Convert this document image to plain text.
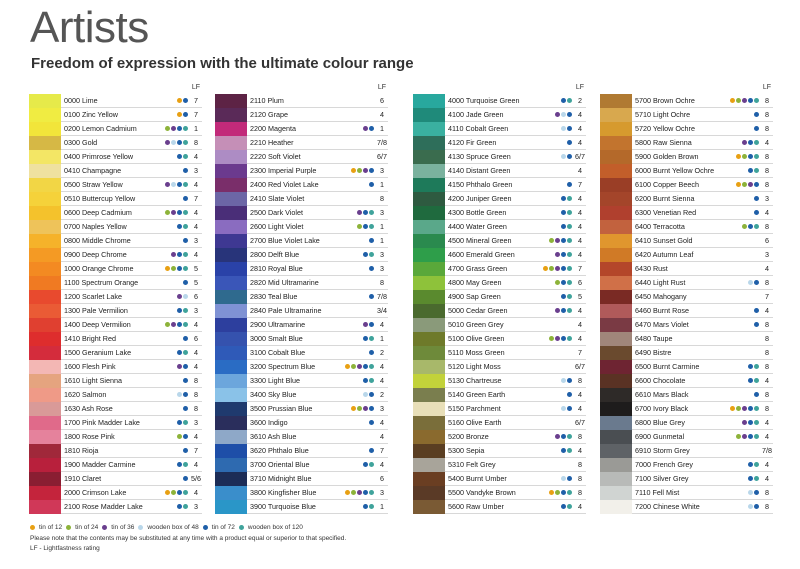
Artists
Freedom of expression with the ultimate colour range
LF
0000 Lime	7
0100 Zinc Yellow	7
0200 Lemon Cadmium	1
0300 Gold	8
0400 Primrose Yellow	4
0410 Champagne	3
0500 Straw Yellow	4
0510 Buttercup Yellow	7
0600 Deep Cadmium	4
0700 Naples Yellow	4
0800 Middle Chrome	3
0900 Deep Chrome	4
1000 Orange Chrome	5
1100 Spectrum Orange	5
1200 Scarlet Lake	6
1300 Pale Vermilion	3
1400 Deep Vermilion	4
1410 Bright Red	6
1500 Geranium Lake	4
1600 Flesh Pink	4
1610 Light Sienna	8
1620 Salmon	8
1630 Ash Rose	8
1700 Pink Madder Lake	3
1800 Rose Pink	4
1810 Rioja	7
1900 Madder Carmine	4
1910 Claret	5/6
2000 Crimson Lake	4
2100 Rose Madder Lake	3
LF
2110 Plum	6
2120 Grape	4
2200 Magenta	1
2210 Heather	7/8
2220 Soft Violet	6/7
2300 Imperial Purple	3
2400 Red Violet Lake	1
2410 Slate Violet	8
2500 Dark Violet	3
2600 Light Violet	1
2700 Blue Violet Lake	1
2800 Delft Blue	3
2810 Royal Blue	3
2820 Mid Ultramarine	8
2830 Teal Blue	7/8
2840 Pale Ultramarine	3/4
2900 Ultramarine	4
3000 Smalt Blue	1
3100 Cobalt Blue	2
3200 Spectrum Blue	4
3300 Light Blue	4
3400 Sky Blue	2
3500 Prussian Blue	3
3600 Indigo	4
3610 Ash Blue	4
3620 Phthalo Blue	7
3700 Oriental Blue	4
3710 Midnight Blue	6
3800 Kingfisher Blue	3
3900 Turquoise Blue	1
LF
4000 Turquoise Green	2
4100 Jade Green	4
4110 Cobalt Green	4
4120 Fir Green	4
4130 Spruce Green	6/7
4140 Distant Green	4
4150 Phthalo Green	7
4200 Juniper Green	4
4300 Bottle Green	4
4400 Water Green	4
4500 Mineral Green	4
4600 Emerald Green	4
4700 Grass Green	7
4800 May Green	6
4900 Sap Green	5
5000 Cedar Green	4
5010 Green Grey	4
5100 Olive Green	4
5110 Moss Green	7
5120 Light Moss	6/7
5130 Chartreuse	8
5140 Green Earth	4
5150 Parchment	4
5160 Olive Earth	6/7
5200 Bronze	8
5300 Sepia	4
5310 Felt Grey	8
5400 Burnt Umber	8
5500 Vandyke Brown	8
5600 Raw Umber	4
LF
5700 Brown Ochre	8
5710 Light Ochre	8
5720 Yellow Ochre	8
5800 Raw Sienna	4
5900 Golden Brown	8
6000 Burnt Yellow Ochre	8
6100 Copper Beech	8
6200 Burnt Sienna	3
6300 Venetian Red	4
6400 Terracotta	8
6410 Sunset Gold	6
6420 Autumn Leaf	3
6430 Rust	4
6440 Light Rust	8
6450 Mahogany	7
6460 Burnt Rose	4
6470 Mars Violet	8
6480 Taupe	8
6490 Bistre	8
6500 Burnt Carmine	8
6600 Chocolate	4
6610 Mars Black	8
6700 Ivory Black	8
6800 Blue Grey	4
6900 Gunmetal	4
6910 Storm Grey	7/8
7000 French Grey	4
7100 Silver Grey	4
7110 Fell Mist	8
7200 Chinese White	8
tin of 12 tin of 24 tin of 36 wooden box of 48 tin of 72 wooden box of 120
Please note that the contents may be substituted at any time with a product equal or superior to that specified.
LF - Lightfastness rating
